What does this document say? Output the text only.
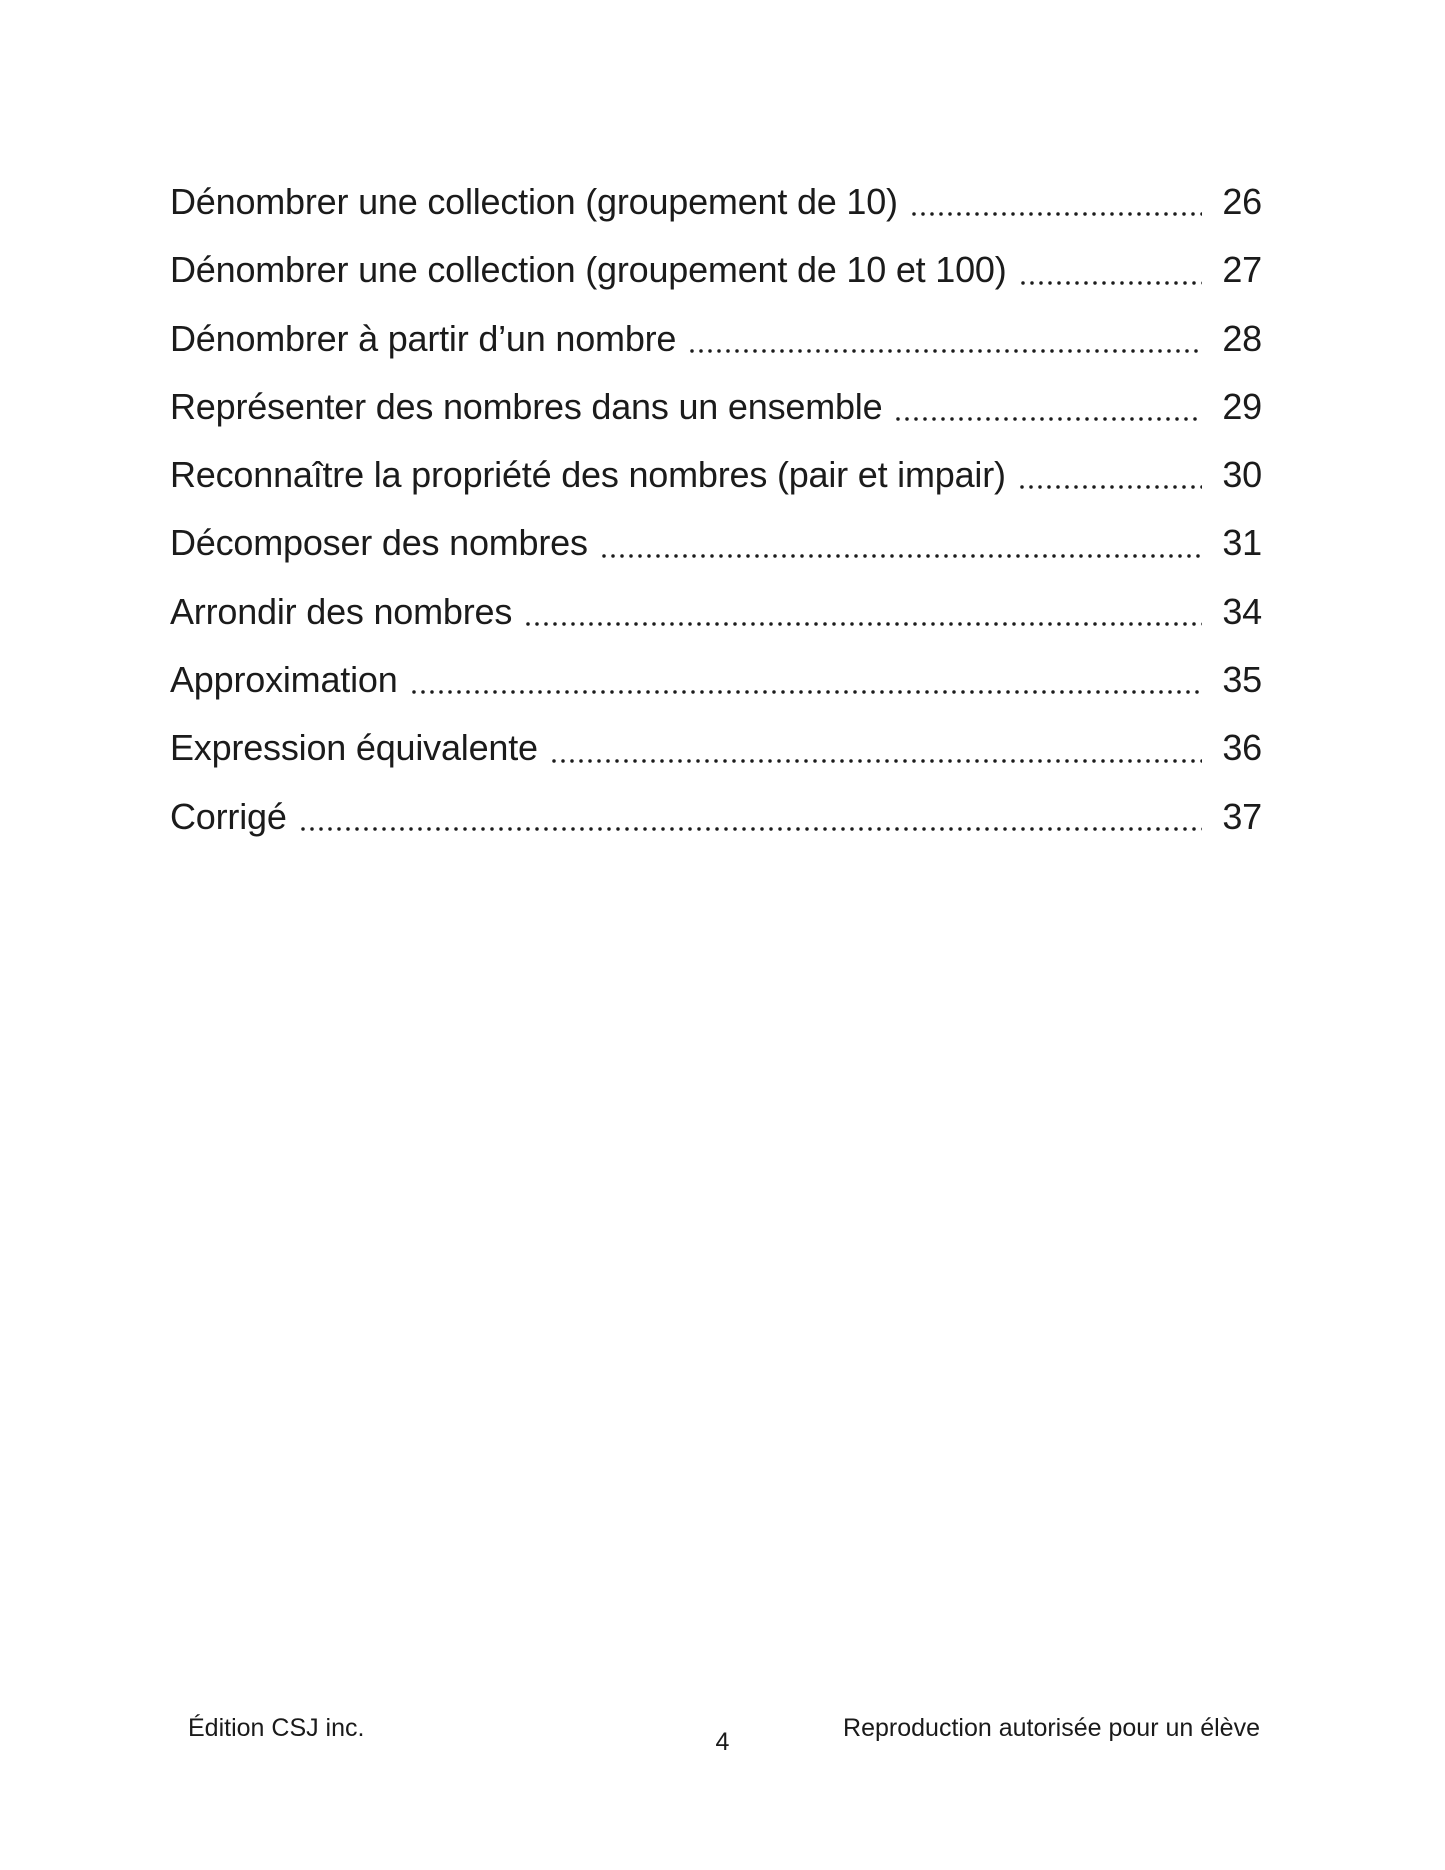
Dénombrer une collection (groupement de 10)	26
Dénombrer une collection (groupement de 10 et 100)	27
Dénombrer à partir d’un nombre	28
Représenter des nombres dans un ensemble	29
Reconnaître la propriété des nombres (pair et impair)	30
Décomposer des nombres	31
Arrondir des nombres	34
Approximation	35
Expression équivalente	36
Corrigé	37
Édition CSJ inc.	4	Reproduction autorisée pour un élève
